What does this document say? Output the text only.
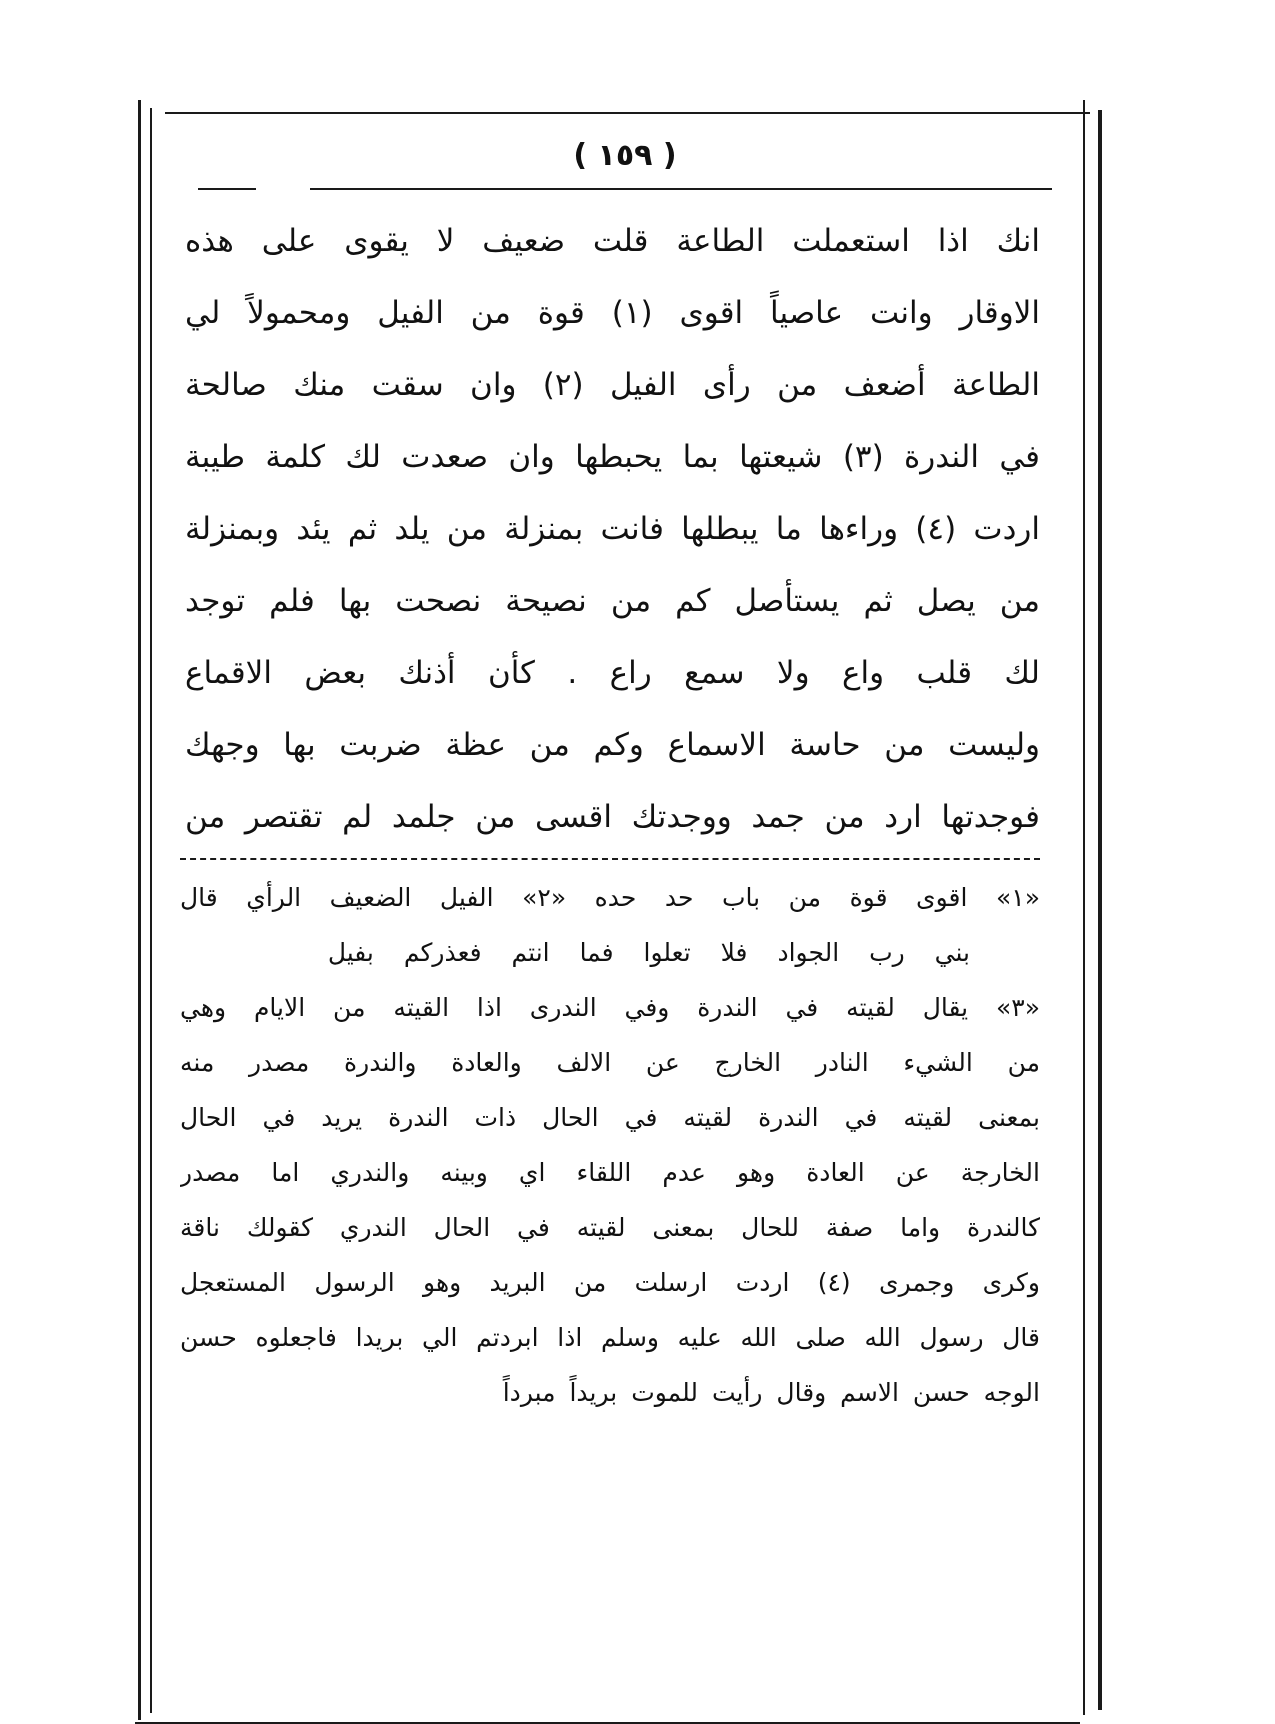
( ١٥٩ )
انك اذا استعملت الطاعة قلت ضعيف لا يقوى على هذه
الاوقار وانت عاصياً اقوى (١) قوة من الفيل ومحمولاً لي
الطاعة أضعف من رأى الفيل (٢) وان سقت منك صالحة
في الندرة (٣) شيعتها بما يحبطها وان صعدت لك كلمة طيبة
اردت (٤) وراءها ما يبطلها فانت بمنزلة من يلد ثم يئد وبمنزلة
من يصل ثم يستأصل كم من نصيحة نصحت بها فلم توجد
لك قلب واع ولا سمع راع . كأن أذنك بعض الاقماع
وليست من حاسة الاسماع وكم من عظة ضربت بها وجهك
فوجدتها ارد من جمد ووجدتك اقسى من جلمد لم تقتصر من
«١» اقوى قوة من باب حد حده «٢» الفيل الضعيف الرأي قال
بني رب الجواد فلا تعلوا فما انتم فعذركم بفيل
«٣» يقال لقيته في الندرة وفي الندرى اذا القيته من الايام وهي
من الشيء النادر الخارج عن الالف والعادة والندرة مصدر منه
بمعنى لقيته في الندرة لقيته في الحال ذات الندرة يريد في الحال
الخارجة عن العادة وهو عدم اللقاء اي وبينه والندري اما مصدر
كالندرة واما صفة للحال بمعنى لقيته في الحال الندري كقولك ناقة
وكرى وجمرى (٤) اردت ارسلت من البريد وهو الرسول المستعجل
قال رسول الله صلى الله عليه وسلم اذا ابردتم الي بريدا فاجعلوه حسن
الوجه حسن الاسم وقال رأيت للموت بريداً مبرداً
